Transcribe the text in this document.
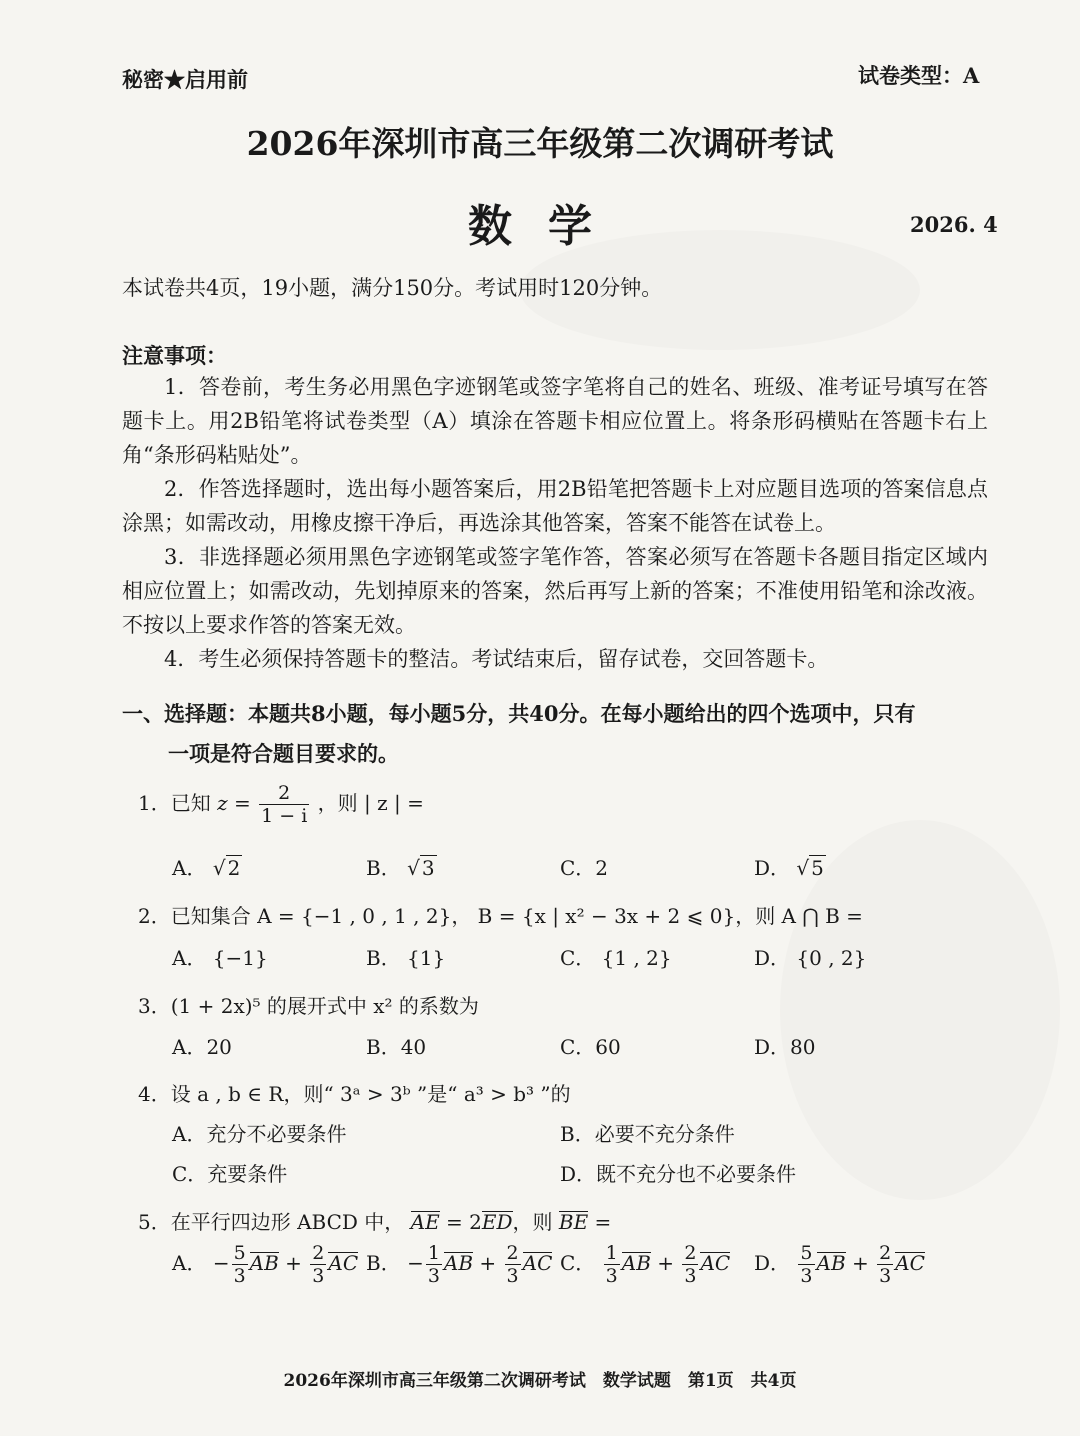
秘密★启用前	试卷类型：A
2026年深圳市高三年级第二次调研考试
数学	2026. 4
本试卷共4页，19小题，满分150分。考试用时120分钟。
注意事项：
1．答卷前，考生务必用黑色字迹钢笔或签字笔将自己的姓名、班级、准考证号填写在答题卡上。用2B铅笔将试卷类型（A）填涂在答题卡相应位置上。将条形码横贴在答题卡右上角“条形码粘贴处”。
2．作答选择题时，选出每小题答案后，用2B铅笔把答题卡上对应题目选项的答案信息点涂黑；如需改动，用橡皮擦干净后，再选涂其他答案，答案不能答在试卷上。
3．非选择题必须用黑色字迹钢笔或签字笔作答，答案必须写在答题卡各题目指定区域内相应位置上；如需改动，先划掉原来的答案，然后再写上新的答案；不准使用铅笔和涂改液。不按以上要求作答的答案无效。
4．考生必须保持答题卡的整洁。考试结束后，留存试卷，交回答题卡。
一、选择题：本题共8小题，每小题5分，共40分。在每小题给出的四个选项中，只有
一项是符合题目要求的。
1．已知 $z = \frac{2}{1 - i}$ ，则 | z | =
A． √ 2	B． √ 3	C．2	D． √ 5
2．已知集合 A = {−1 , 0 , 1 , 2}， B = {x | x² − 3x + 2 ⩽ 0}，则 A ⋂ B =
A． {−1}	B． {1}	C． {1 , 2}	D． {0 , 2}
3．(1 + 2x)⁵ 的展开式中 x² 的系数为
A．20	B．40	C．60	D．80
4．设 a , b ∈ R，则“ 3ᵃ > 3ᵇ ”是“ a³ > b³ ”的
A．充分不必要条件	B．必要不充分条件
C．充要条件	D．既不充分也不必要条件
5．在平行四边形 ABCD 中， AE = 2ED，则 BE =
A． − $\frac{5}{3}$ AB + $\frac{2}{3}$ AC B． − $\frac{1}{3}$ AB + $\frac{2}{3}$ AC C． $\frac{1}{3}$ AB + $\frac{2}{3}$ AC D． $\frac{5}{3}$ AB + $\frac{2}{3}$ AC
2026年深圳市高三年级第二次调研考试　数学试题　第1页　共4页
